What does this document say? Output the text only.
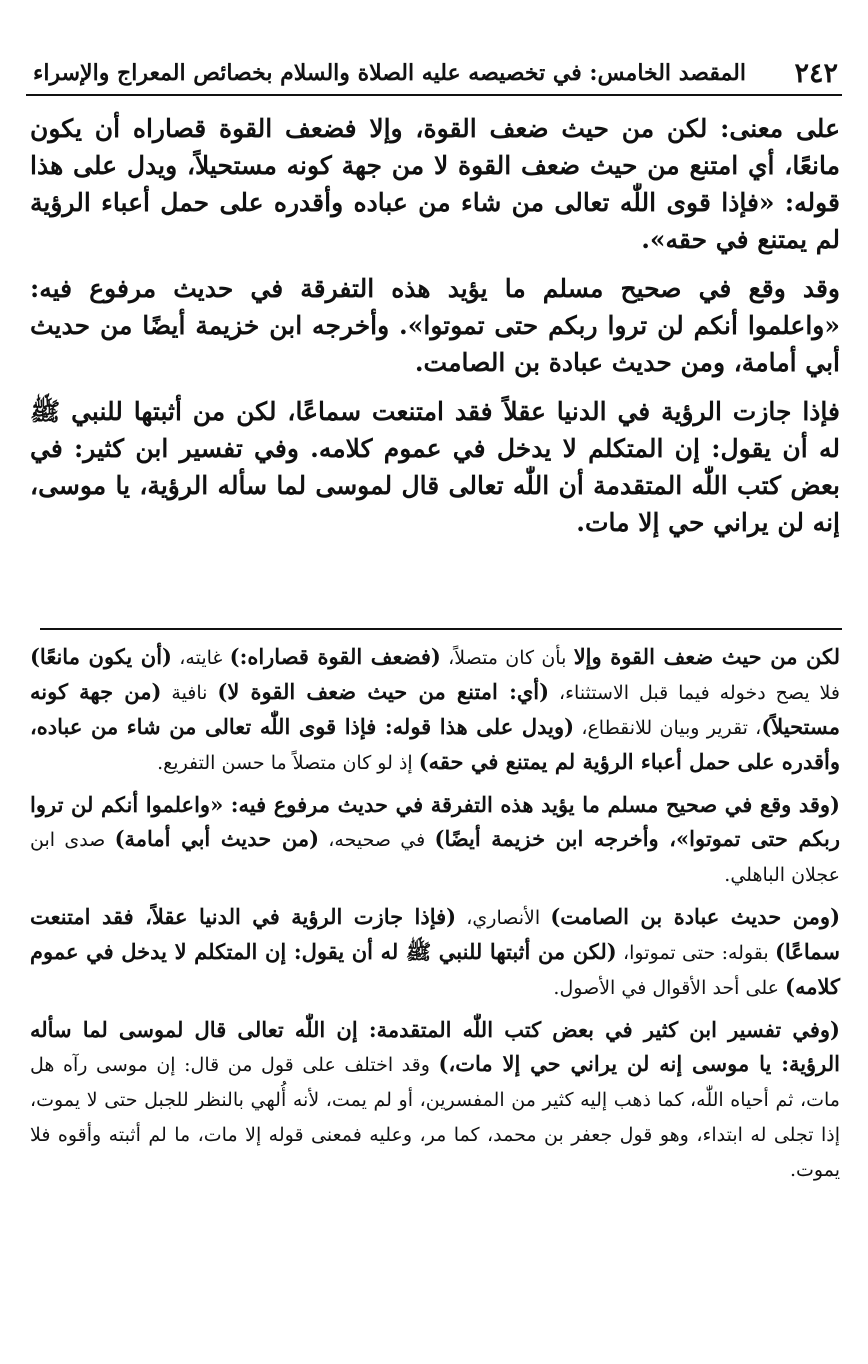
٢٤٢
المقصد الخامس: في تخصيصه عليه الصلاة والسلام بخصائص المعراج والإسراء

على معنى: لكن من حيث ضعف القوة، وإلا فضعف القوة قصاراه أن يكون مانعًا، أي امتنع من حيث ضعف القوة لا من جهة كونه مستحيلاً، ويدل على هذا قوله: «فإذا قوى اللّٰه تعالى من شاء من عباده وأقدره على حمل أعباء الرؤية لم يمتنع في حقه».

وقد وقع في صحيح مسلم ما يؤيد هذه التفرقة في حديث مرفوع فيه: «واعلموا أنكم لن تروا ربكم حتى تموتوا». وأخرجه ابن خزيمة أيضًا من حديث أبي أمامة، ومن حديث عبادة بن الصامت.

فإذا جازت الرؤية في الدنيا عقلاً فقد امتنعت سماعًا، لكن من أثبتها للنبي ﷺ له أن يقول: إن المتكلم لا يدخل في عموم كلامه. وفي تفسير ابن كثير: في بعض كتب اللّٰه المتقدمة أن اللّٰه تعالى قال لموسى لما سأله الرؤية، يا موسى، إنه لن يراني حي إلا مات.

لكن من حيث ضعف القوة وإلا بأن كان متصلاً، (فضعف القوة قصاراه:) غايته، (أن يكون مانعًا) فلا يصح دخوله فيما قبل الاستثناء، (أي: امتنع من حيث ضعف القوة لا) نافية (من جهة كونه مستحيلاً)، تقرير وبيان للانقطاع، (ويدل على هذا قوله: فإذا قوى اللّٰه تعالى من شاء من عباده، وأقدره على حمل أعباء الرؤية لم يمتنع في حقه) إذ لو كان متصلاً ما حسن التفريع.

(وقد وقع في صحيح مسلم ما يؤيد هذه التفرقة في حديث مرفوع فيه: «واعلموا أنكم لن تروا ربكم حتى تموتوا»، وأخرجه ابن خزيمة أيضًا) في صحيحه، (من حديث أبي أمامة) صدى ابن عجلان الباهلي.

(ومن حديث عبادة بن الصامت) الأنصاري، (فإذا جازت الرؤية في الدنيا عقلاً، فقد امتنعت سماعًا) بقوله: حتى تموتوا، (لكن من أثبتها للنبي ﷺ له أن يقول: إن المتكلم لا يدخل في عموم كلامه) على أحد الأقوال في الأصول.

(وفي تفسير ابن كثير في بعض كتب اللّٰه المتقدمة: إن اللّٰه تعالى قال لموسى لما سأله الرؤية: يا موسى إنه لن يراني حي إلا مات،) وقد اختلف على قول من قال: إن موسى رآه هل مات، ثم أحياه اللّٰه، كما ذهب إليه كثير من المفسرين، أو لم يمت، لأنه أُلهي بالنظر للجبل حتى لا يموت، إذا تجلى له ابتداء، وهو قول جعفر بن محمد، كما مر، وعليه فمعنى قوله إلا مات، ما لم أثبته وأقوه فلا يموت.
